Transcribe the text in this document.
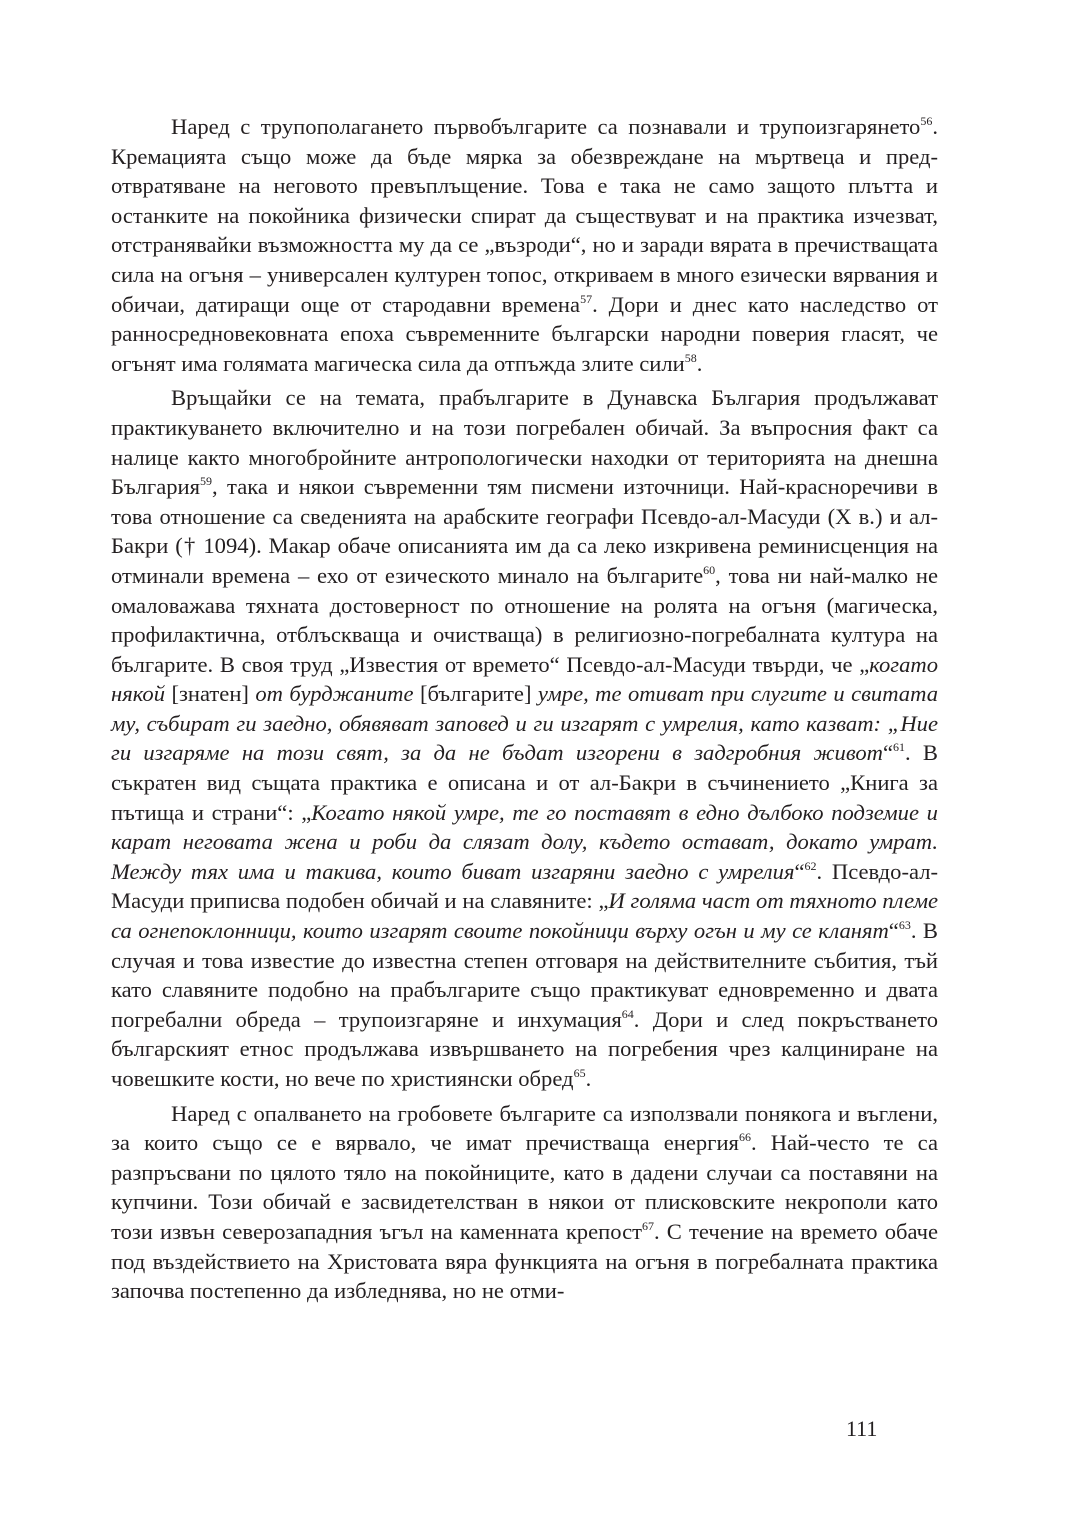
Наред с трупополагането първобългарите са познавали и трупоизгарянето$^{56}$. Кремацията също може да бъде мярка за обезвреждане на мъртвеца и предотвратяване на неговото превъплъщение. Това е така не само защото плътта и останките на покойника физически спират да съществуват и на практика изчезват, отстранявайки възможността му да се „възроди“, но и заради вярата в пречистващата сила на огъня – универсален културен топос, откриваем в много езически вярвания и обичаи, датиращи още от стародавни времена$^{57}$. Дори и днес като наследство от ранносредновековната епоха съвременните български народни поверия гласят, че огънят има голямата магическа сила да отпъжда злите сили$^{58}$.

Връщайки се на темата, прабългарите в Дунавска България продължават практикуването включително и на този погребален обичай. За въпросния факт са налице както многобройните антропологически находки от територията на днешна България$^{59}$, така и някои съвременни тям писмени източници. Най-красноречиви в това отношение са сведенията на арабските географи Псевдо-ал-Масуди (X в.) и ал-Бакри († 1094). Макар обаче описанията им да са леко изкривена реминисценция на отминали времена – ехо от езическото минало на българите$^{60}$, това ни най-малко не омаловажава тяхната достоверност по отношение на ролята на огъня (магическа, профилактична, отблъскваща и очистваща) в религиозно-погребалната култура на българите. В своя труд „Известия от времето“ Псевдо-ал-Масуди твърди, че „когато някой [знатен] от бурджаните [българите] умре, те отиват при слугите и свитата му, събират ги заедно, обявяват заповед и ги изгарят с умрелия, като казват: „Ние ги изгаряме на този свят, за да не бъдат изгорени в задгробния живот“$^{61}$. В съкратен вид същата практика е описана и от ал-Бакри в съчинението „Книга за пътища и страни“: „Когато някой умре, те го поставят в едно дълбоко подземие и карат неговата жена и роби да слязат долу, където остават, докато умрат. Между тях има и такива, които биват изгаряни заедно с умрелия“$^{62}$. Псевдо-ал-Масуди приписва подобен обичай и на славяните: „И голяма част от тяхното племе са огнепоклонници, които изгарят своите покойници върху огън и му се кланят“$^{63}$. В случая и това известие до известна степен отговаря на действителните събития, тъй като славяните подобно на прабългарите също практикуват едновременно и двата погребални обреда – трупоизгаряне и инхумация$^{64}$. Дори и след покръстването българският етнос продължава извършването на погребения чрез калциниране на човешките кости, но вече по християнски обред$^{65}$.

Наред с опалването на гробовете българите са използвали понякога и въглени, за които също се е вярвало, че имат пречистваща енергия$^{66}$. Най-често те са разпръсвани по цялото тяло на покойниците, като в дадени случаи са поставяни на купчини. Този обичай е засвидетелстван в някои от плисковските некрополи като този извън северозападния ъгъл на каменната крепост$^{67}$. С течение на времето обаче под въздействието на Христовата вяра функцията на огъня в погребалната практика започва постепенно да избледнява, но не отми-

111
